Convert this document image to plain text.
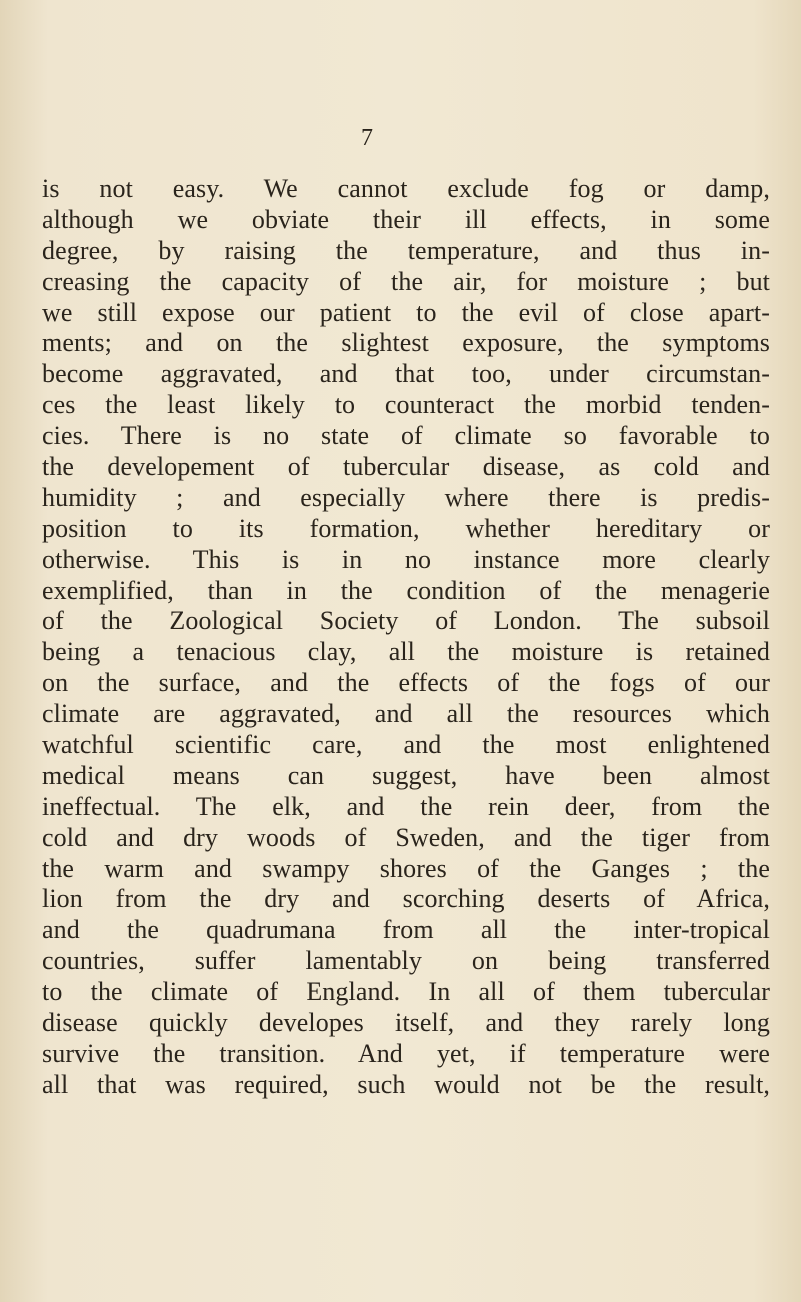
7
is not easy. We cannot exclude fog or damp,
although we obviate their ill effects, in some
degree, by raising the temperature, and thus in-
creasing the capacity of the air, for moisture ; but
we still expose our patient to the evil of close apart-
ments; and on the slightest exposure, the symptoms
become aggravated, and that too, under circumstan-
ces the least likely to counteract the morbid tenden-
cies. There is no state of climate so favorable to
the developement of tubercular disease, as cold and
humidity ; and especially where there is predis-
position to its formation, whether hereditary or
otherwise. This is in no instance more clearly
exemplified, than in the condition of the menagerie
of the Zoological Society of London. The subsoil
being a tenacious clay, all the moisture is retained
on the surface, and the effects of the fogs of our
climate are aggravated, and all the resources which
watchful scientific care, and the most enlightened
medical means can suggest, have been almost
ineffectual. The elk, and the rein deer, from the
cold and dry woods of Sweden, and the tiger from
the warm and swampy shores of the Ganges ; the
lion from the dry and scorching deserts of Africa,
and the quadrumana from all the inter-tropical
countries, suffer lamentably on being transferred
to the climate of England. In all of them tubercular
disease quickly developes itself, and they rarely long
survive the transition. And yet, if temperature were
all that was required, such would not be the result,
